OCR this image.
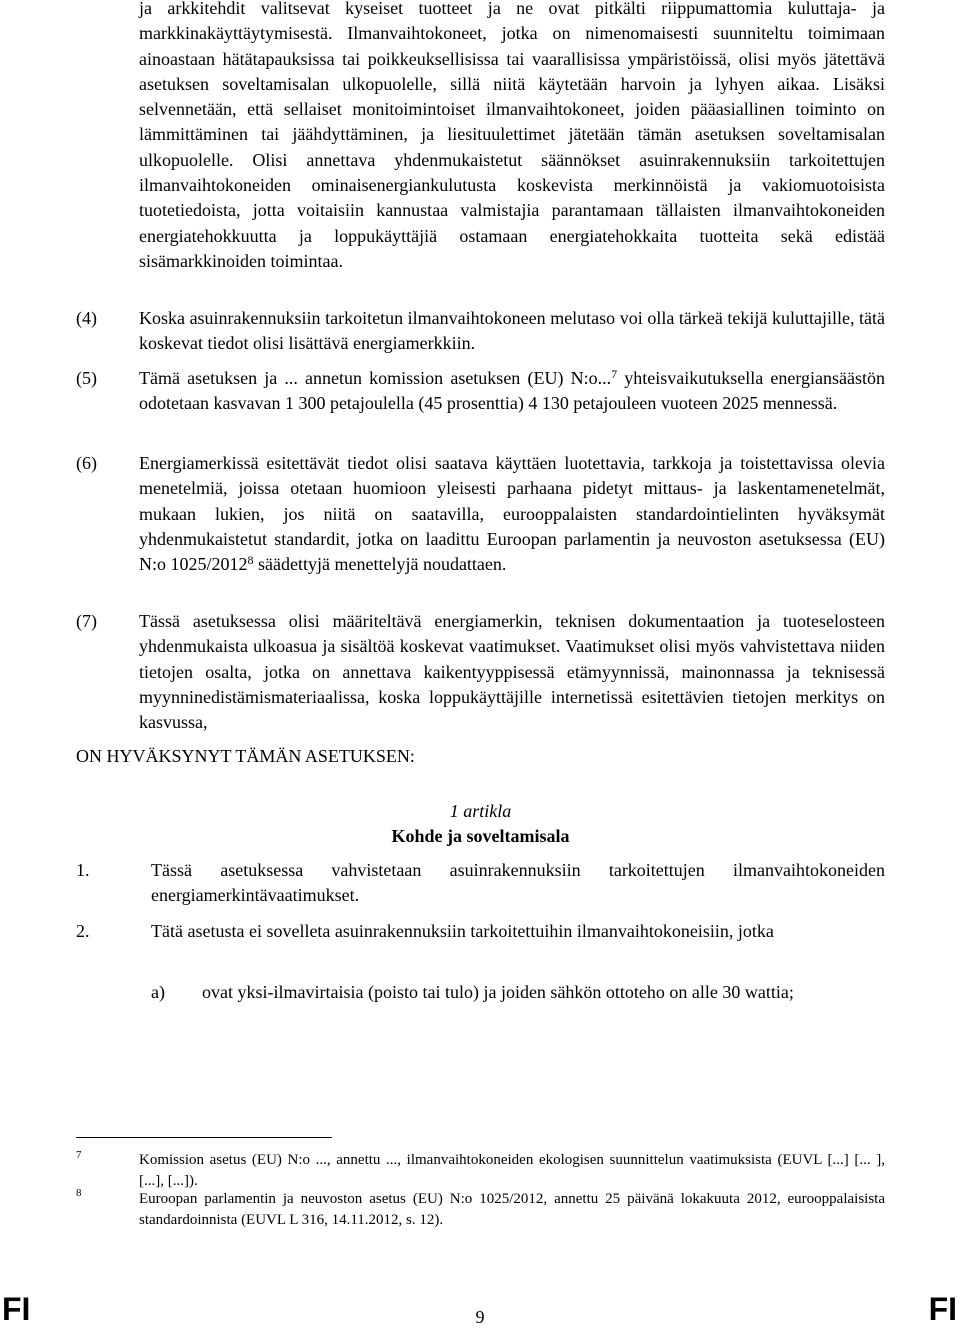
ja arkkitehdit valitsevat kyseiset tuotteet ja ne ovat pitkälti riippumattomia kuluttaja- ja markkinakäyttäytymisestä. Ilmanvaihtokoneet, jotka on nimenomaisesti suunniteltu toimimaan ainoastaan hätätapauksissa tai poikkeuksellisissa tai vaarallisissa ympäristöissä, olisi myös jätettävä asetuksen soveltamisalan ulkopuolelle, sillä niitä käytetään harvoin ja lyhyen aikaa. Lisäksi selvennetään, että sellaiset monitoimintoiset ilmanvaihtokoneet, joiden pääasiallinen toiminto on lämmittäminen tai jäähdyttäminen, ja liesituulettimet jätetään tämän asetuksen soveltamisalan ulkopuolelle. Olisi annettava yhdenmukaistetut säännökset asuinrakennuksiin tarkoitettujen ilmanvaihtokoneiden ominaisenergiankulutusta koskevista merkinnöistä ja vakiomuotoisista tuotetiedoista, jotta voitaisiin kannustaa valmistajia parantamaan tällaisten ilmanvaihtokoneiden energiatehokkuutta ja loppukäyttäjiä ostamaan energiatehokkaita tuotteita sekä edistää sisämarkkinoiden toimintaa.
(4) Koska asuinrakennuksiin tarkoitetun ilmanvaihtokoneen melutaso voi olla tärkeä tekijä kuluttajille, tätä koskevat tiedot olisi lisättävä energiamerkkiin.
(5) Tämä asetuksen ja ... annetun komission asetuksen (EU) N:o...$^7$ yhteisvaikutuksella energiansäästön odotetaan kasvavan 1 300 petajoulella (45 prosenttia) 4 130 petajouleen vuoteen 2025 mennessä.
(6) Energiamerkissä esitettävät tiedot olisi saatava käyttäen luotettavia, tarkkoja ja toistettavissa olevia menetelmiä, joissa otetaan huomioon yleisesti parhaana pidetyt mittaus- ja laskentamenetelmät, mukaan lukien, jos niitä on saatavilla, eurooppalaisten standardointielinten hyväksymät yhdenmukaistetut standardit, jotka on laadittu Euroopan parlamentin ja neuvoston asetuksessa (EU) N:o 1025/2012$^8$ säädettyjä menettelyjä noudattaen.
(7) Tässä asetuksessa olisi määriteltävä energiamerkin, teknisen dokumentaation ja tuoteselosteen yhdenmukaista ulkoasua ja sisältöä koskevat vaatimukset. Vaatimukset olisi myös vahvistettava niiden tietojen osalta, jotka on annettava kaikentyyppisessä etämyynnissä, mainonnassa ja teknisessä myynninedistämismateriaalissa, koska loppukäyttäjille internetissä esitettävien tietojen merkitys on kasvussa,
ON HYVÄKSYNYT TÄMÄN ASETUKSEN:
1 artikla
Kohde ja soveltamisala
1.	Tässä asetuksessa vahvistetaan asuinrakennuksiin tarkoitettujen ilmanvaihtokoneiden energiamerkintävaatimukset.
2.	Tätä asetusta ei sovelleta asuinrakennuksiin tarkoitettuihin ilmanvaihtokoneisiin, jotka
a) ovat yksi-ilmavirtaisia (poisto tai tulo) ja joiden sähkön ottoteho on alle 30 wattia;
7	Komission asetus (EU) N:o ..., annettu ..., ilmanvaihtokoneiden ekologisen suunnittelun vaatimuksista (EUVL [...] [... ], [...], [...]).
8	Euroopan parlamentin ja neuvoston asetus (EU) N:o 1025/2012, annettu 25 päivänä lokakuuta 2012, eurooppalaisista standardoinnista (EUVL L 316, 14.11.2012, s. 12).
FI	9	FI
